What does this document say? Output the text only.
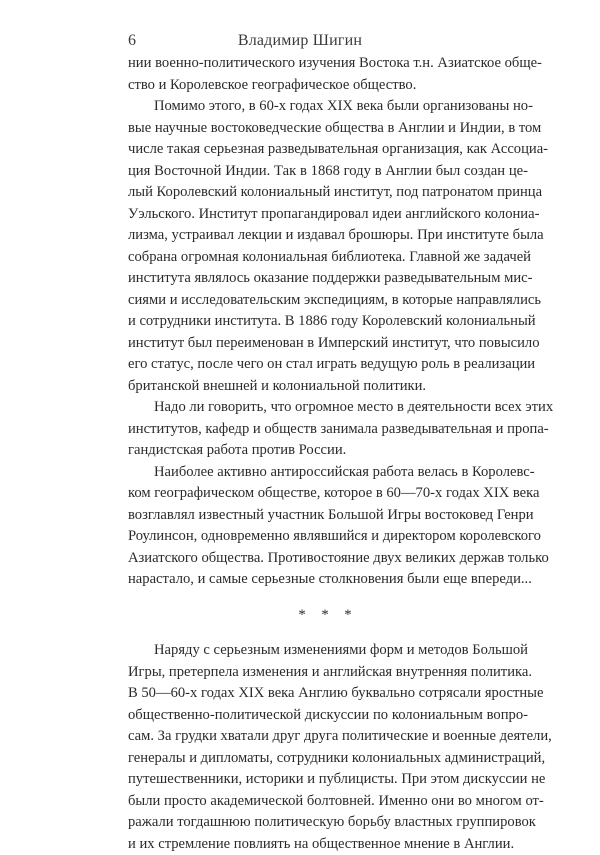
6	Владимир Шигин
нии военно-политического изучения Востока т.н. Азиатское обще-
ство и Королевское географическое общество.
Помимо этого, в 60-х годах XIX века были организованы но-
вые научные востоковедческие общества в Англии и Индии, в том
числе такая серьезная разведывательная организация, как Ассоциа-
ция Восточной Индии. Так в 1868 году в Англии был создан це-
лый Королевский колониальный институт, под патронатом принца
Уэльского. Институт пропагандировал идеи английского колониа-
лизма, устраивал лекции и издавал брошюры. При институте была
собрана огромная колониальная библиотека. Главной же задачей
института являлось оказание поддержки разведывательным мис-
сиями и исследовательским экспедициям, в которые направлялись
и сотрудники института. В 1886 году Королевский колониальный
институт был переименован в Имперский институт, что повысило
его статус, после чего он стал играть ведущую роль в реализации
британской внешней и колониальной политики.
Надо ли говорить, что огромное место в деятельности всех этих
институтов, кафедр и обществ занимала разведывательная и пропа-
гандистская работа против России.
Наиболее активно антироссийская работа велась в Королевс-
ком географическом обществе, которое в 60—70-х годах XIX века
возглавлял известный участник Большой Игры востоковед Генри
Роулинсон, одновременно являвшийся и директором королевского
Азиатского общества. Противостояние двух великих держав только
нарастало, и самые серьезные столкновения были еще впереди...
* * *
Наряду с серьезным изменениями форм и методов Большой
Игры, претерпела изменения и английская внутренняя политика.
В 50—60-х годах XIX века Англию буквально сотрясали яростные
общественно-политической дискуссии по колониальным вопро-
сам. За грудки хватали друг друга политические и военные деятели,
генералы и дипломаты, сотрудники колониальных администраций,
путешественники, историки и публицисты. При этом дискуссии не
были просто академической болтовней. Именно они во многом от-
ражали тогдашнюю политическую борьбу властных группировок
и их стремление повлиять на общественное мнение в Англии.
